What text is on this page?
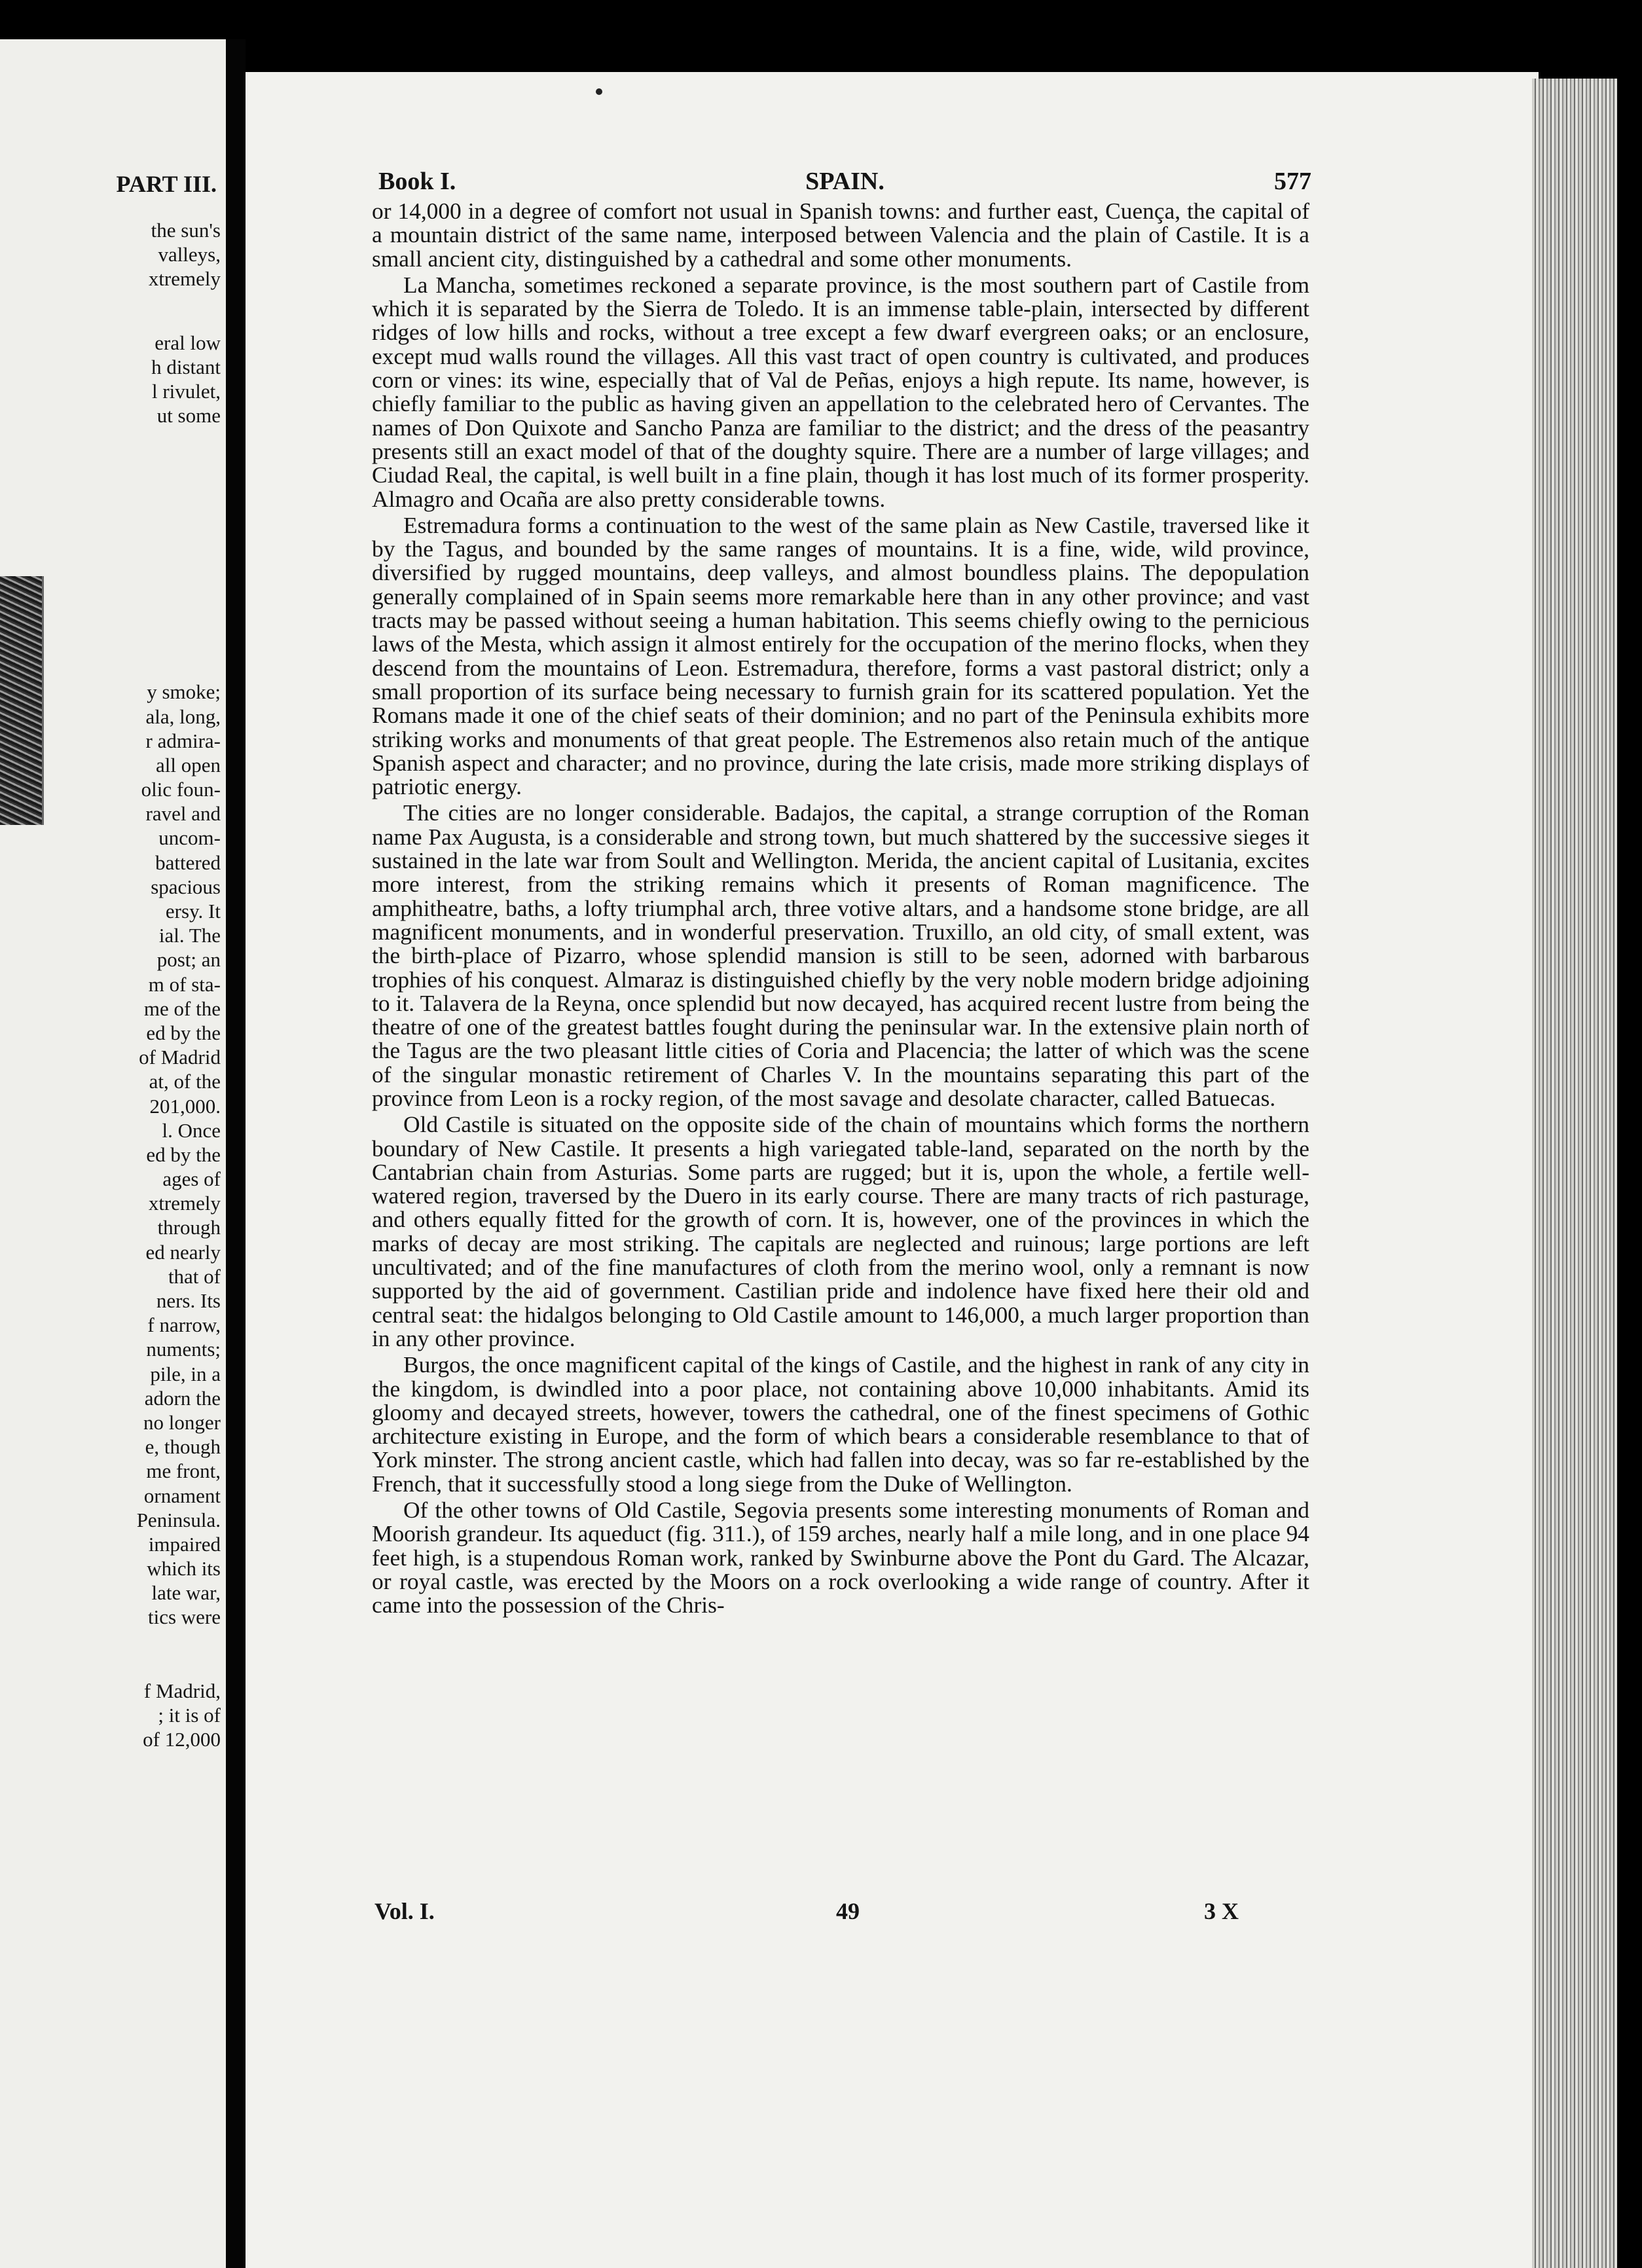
PART III.
the sun's
valleys,
xtremely
eral low
h distant
l rivulet,
ut some
y smoke;
ala, long,
r admira-
all open
olic foun-
ravel and
uncom-
battered
spacious
ersy. It
ial. The
post; an
m of sta-
me of the
ed by the
of Madrid
at, of the
201,000.
l. Once
ed by the
ages of
xtremely
through
ed nearly
that of
ners. Its
f narrow,
numents;
pile, in a
adorn the
no longer
e, though
me front,
ornament
Peninsula.
impaired
which its
late war,
tics were
f Madrid,
; it is of
of 12,000
Book I.	SPAIN.	577

or 14,000 in a degree of comfort not usual in Spanish towns: and further east, Cuença, the capital of a mountain district of the same name, interposed between Valencia and the plain of Castile. It is a small ancient city, distinguished by a cathedral and some other monuments.

La Mancha, sometimes reckoned a separate province, is the most southern part of Castile from which it is separated by the Sierra de Toledo. It is an immense table-plain, intersected by different ridges of low hills and rocks, without a tree except a few dwarf evergreen oaks; or an enclosure, except mud walls round the villages. All this vast tract of open country is cultivated, and produces corn or vines: its wine, especially that of Val de Peñas, enjoys a high repute. Its name, however, is chiefly familiar to the public as having given an appellation to the celebrated hero of Cervantes. The names of Don Quixote and Sancho Panza are familiar to the district; and the dress of the peasantry presents still an exact model of that of the doughty squire. There are a number of large villages; and Ciudad Real, the capital, is well built in a fine plain, though it has lost much of its former prosperity. Almagro and Ocaña are also pretty considerable towns.

Estremadura forms a continuation to the west of the same plain as New Castile, traversed like it by the Tagus, and bounded by the same ranges of mountains. It is a fine, wide, wild province, diversified by rugged mountains, deep valleys, and almost boundless plains. The depopulation generally complained of in Spain seems more remarkable here than in any other province; and vast tracts may be passed without seeing a human habitation. This seems chiefly owing to the pernicious laws of the Mesta, which assign it almost entirely for the occupation of the merino flocks, when they descend from the mountains of Leon. Estremadura, therefore, forms a vast pastoral district; only a small proportion of its surface being necessary to furnish grain for its scattered population. Yet the Romans made it one of the chief seats of their dominion; and no part of the Peninsula exhibits more striking works and monuments of that great people. The Estremenos also retain much of the antique Spanish aspect and character; and no province, during the late crisis, made more striking displays of patriotic energy.

The cities are no longer considerable. Badajos, the capital, a strange corruption of the Roman name Pax Augusta, is a considerable and strong town, but much shattered by the successive sieges it sustained in the late war from Soult and Wellington. Merida, the ancient capital of Lusitania, excites more interest, from the striking remains which it presents of Roman magnificence. The amphitheatre, baths, a lofty triumphal arch, three votive altars, and a handsome stone bridge, are all magnificent monuments, and in wonderful preservation. Truxillo, an old city, of small extent, was the birth-place of Pizarro, whose splendid mansion is still to be seen, adorned with barbarous trophies of his conquest. Almaraz is distinguished chiefly by the very noble modern bridge adjoining to it. Talavera de la Reyna, once splendid but now decayed, has acquired recent lustre from being the theatre of one of the greatest battles fought during the peninsular war. In the extensive plain north of the Tagus are the two pleasant little cities of Coria and Placencia; the latter of which was the scene of the singular monastic retirement of Charles V. In the mountains separating this part of the province from Leon is a rocky region, of the most savage and desolate character, called Batuecas.

Old Castile is situated on the opposite side of the chain of mountains which forms the northern boundary of New Castile. It presents a high variegated table-land, separated on the north by the Cantabrian chain from Asturias. Some parts are rugged; but it is, upon the whole, a fertile well-watered region, traversed by the Duero in its early course. There are many tracts of rich pasturage, and others equally fitted for the growth of corn. It is, however, one of the provinces in which the marks of decay are most striking. The capitals are neglected and ruinous; large portions are left uncultivated; and of the fine manufactures of cloth from the merino wool, only a remnant is now supported by the aid of government. Castilian pride and indolence have fixed here their old and central seat: the hidalgos belonging to Old Castile amount to 146,000, a much larger proportion than in any other province.

Burgos, the once magnificent capital of the kings of Castile, and the highest in rank of any city in the kingdom, is dwindled into a poor place, not containing above 10,000 inhabitants. Amid its gloomy and decayed streets, however, towers the cathedral, one of the finest specimens of Gothic architecture existing in Europe, and the form of which bears a considerable resemblance to that of York minster. The strong ancient castle, which had fallen into decay, was so far re-established by the French, that it successfully stood a long siege from the Duke of Wellington.

Of the other towns of Old Castile, Segovia presents some interesting monuments of Roman and Moorish grandeur. Its aqueduct (fig. 311.), of 159 arches, nearly half a mile long, and in one place 94 feet high, is a stupendous Roman work, ranked by Swinburne above the Pont du Gard. The Alcazar, or royal castle, was erected by the Moors on a rock overlooking a wide range of country. After it came into the possession of the Chris-

Vol. I.	49	3 X
